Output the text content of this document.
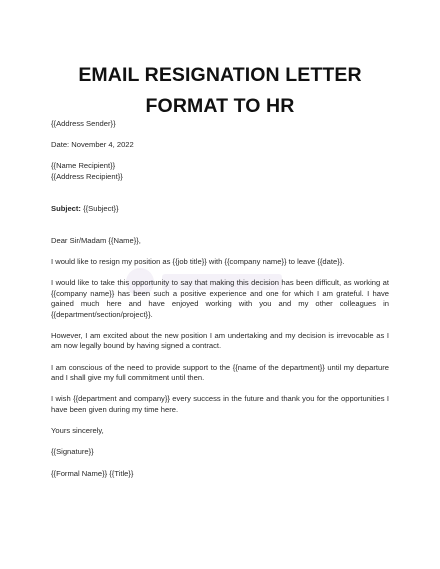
EMAIL RESIGNATION LETTER FORMAT TO HR

{{Address Sender}}

Date: November 4, 2022

{{Name Recipient}}

{{Address Recipient}}

Subject: {{Subject}}

Dear Sir/Madam {{Name}},

I would like to resign my position as {{job title}} with {{company name}} to leave {{date}}.

I would like to take this opportunity to say that making this decision has been difficult, as working at {{company name}} has been such a positive experience and one for which I am grateful. I have gained much here and have enjoyed working with you and my other colleagues in {{department/section/project}}.

However, I am excited about the new position I am undertaking and my decision is irrevocable as I am now legally bound by having signed a contract.

I am conscious of the need to provide support to the {{name of the department}} until my departure and I shall give my full commitment until then.

I wish {{department and company}} every success in the future and thank you for the opportunities I have been given during my time here.

Yours sincerely,

{{Signature}}

{{Formal Name}} {{Title}}
